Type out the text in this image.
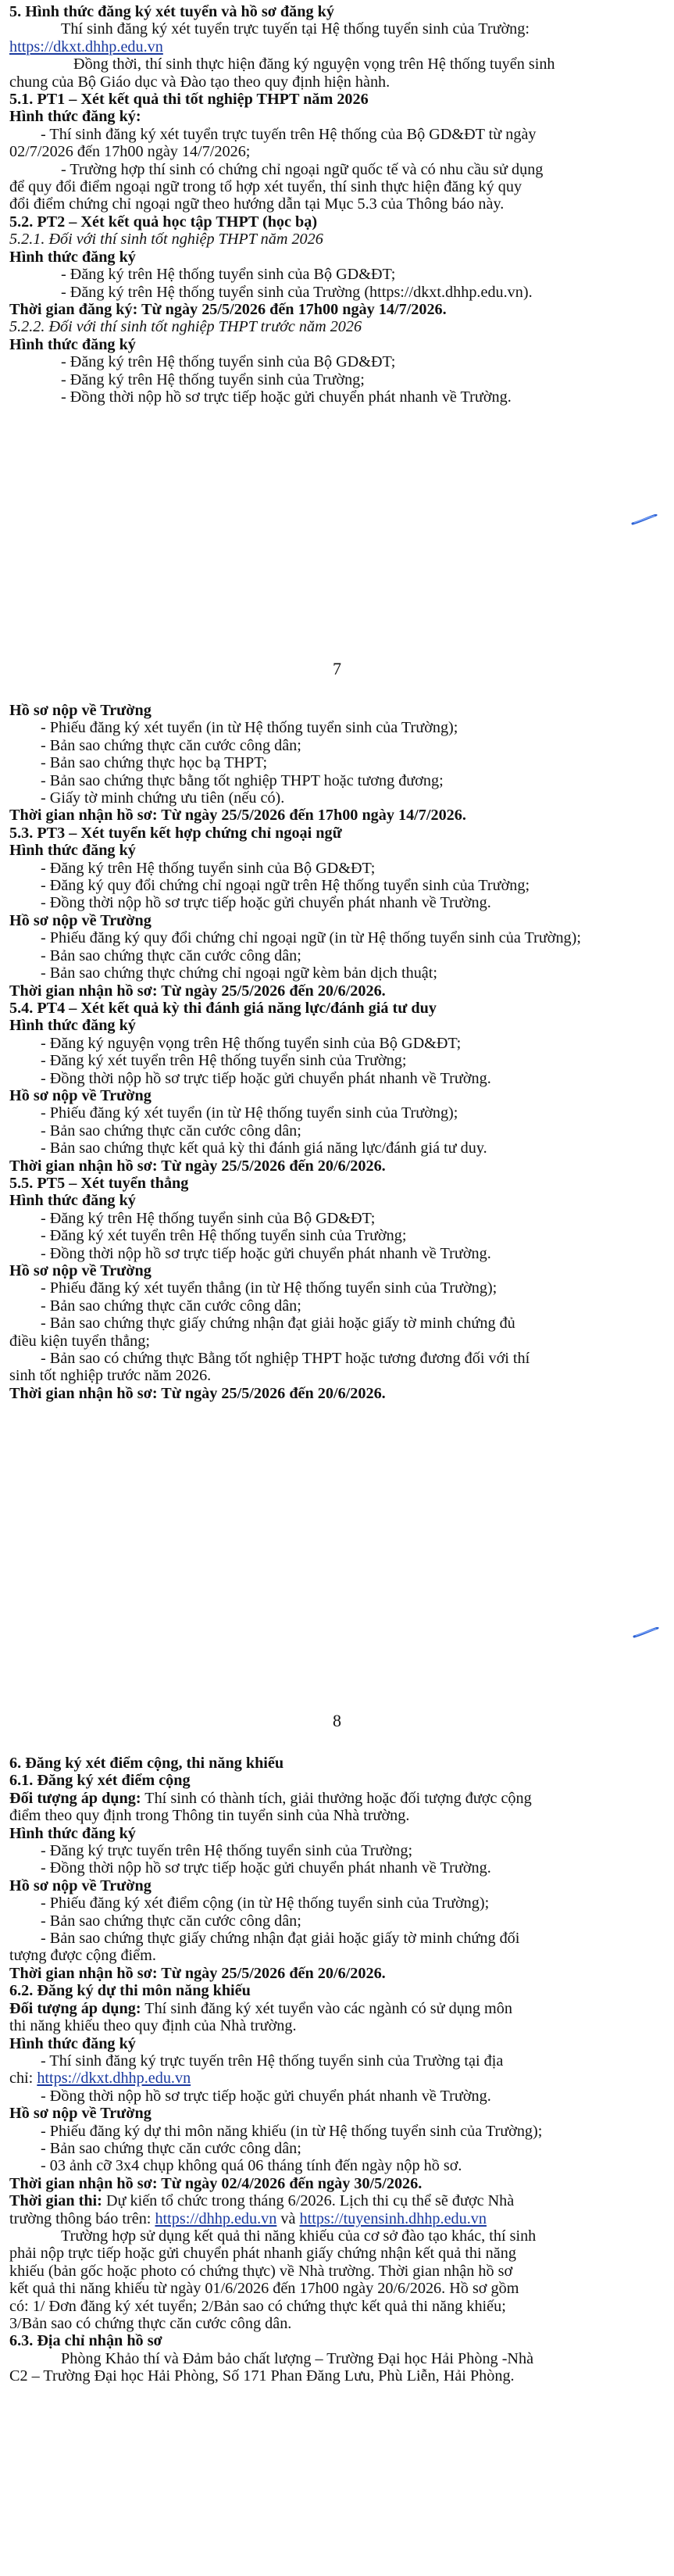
5. Hình thức đăng ký xét tuyển và hồ sơ đăng ký
Thí sinh đăng ký xét tuyển trực tuyến tại Hệ thống tuyển sinh của Trường:
https://dkxt.dhhp.edu.vn
Đồng thời, thí sinh thực hiện đăng ký nguyện vọng trên Hệ thống tuyển sinh
chung của Bộ Giáo dục và Đào tạo theo quy định hiện hành.
5.1. PT1 – Xét kết quả thi tốt nghiệp THPT năm 2026
Hình thức đăng ký:
- Thí sinh đăng ký xét tuyển trực tuyến trên Hệ thống của Bộ GD&ĐT từ ngày
02/7/2026 đến 17h00 ngày 14/7/2026;
- Trường hợp thí sinh có chứng chỉ ngoại ngữ quốc tế và có nhu cầu sử dụng
để quy đổi điểm ngoại ngữ trong tổ hợp xét tuyển, thí sinh thực hiện đăng ký quy
đổi điểm chứng chỉ ngoại ngữ theo hướng dẫn tại Mục 5.3 của Thông báo này.
5.2. PT2 – Xét kết quả học tập THPT (học bạ)
5.2.1. Đối với thí sinh tốt nghiệp THPT năm 2026
Hình thức đăng ký
- Đăng ký trên Hệ thống tuyển sinh của Bộ GD&ĐT;
- Đăng ký trên Hệ thống tuyển sinh của Trường (https://dkxt.dhhp.edu.vn).
Thời gian đăng ký: Từ ngày 25/5/2026 đến 17h00 ngày 14/7/2026.
5.2.2. Đối với thí sinh tốt nghiệp THPT trước năm 2026
Hình thức đăng ký
- Đăng ký trên Hệ thống tuyển sinh của Bộ GD&ĐT;
- Đăng ký trên Hệ thống tuyển sinh của Trường;
- Đồng thời nộp hồ sơ trực tiếp hoặc gửi chuyển phát nhanh về Trường.
7
Hồ sơ nộp về Trường
- Phiếu đăng ký xét tuyển (in từ Hệ thống tuyển sinh của Trường);
- Bản sao chứng thực căn cước công dân;
- Bản sao chứng thực học bạ THPT;
- Bản sao chứng thực bằng tốt nghiệp THPT hoặc tương đương;
- Giấy tờ minh chứng ưu tiên (nếu có).
Thời gian nhận hồ sơ: Từ ngày 25/5/2026 đến 17h00 ngày 14/7/2026.
5.3. PT3 – Xét tuyển kết hợp chứng chỉ ngoại ngữ
Hình thức đăng ký
- Đăng ký trên Hệ thống tuyển sinh của Bộ GD&ĐT;
- Đăng ký quy đổi chứng chỉ ngoại ngữ trên Hệ thống tuyển sinh của Trường;
- Đồng thời nộp hồ sơ trực tiếp hoặc gửi chuyển phát nhanh về Trường.
Hồ sơ nộp về Trường
- Phiếu đăng ký quy đổi chứng chỉ ngoại ngữ (in từ Hệ thống tuyển sinh của Trường);
- Bản sao chứng thực căn cước công dân;
- Bản sao chứng thực chứng chỉ ngoại ngữ kèm bản dịch thuật;
Thời gian nhận hồ sơ: Từ ngày 25/5/2026 đến 20/6/2026.
5.4. PT4 – Xét kết quả kỳ thi đánh giá năng lực/đánh giá tư duy
Hình thức đăng ký
- Đăng ký nguyện vọng trên Hệ thống tuyển sinh của Bộ GD&ĐT;
- Đăng ký xét tuyển trên Hệ thống tuyển sinh của Trường;
- Đồng thời nộp hồ sơ trực tiếp hoặc gửi chuyển phát nhanh về Trường.
Hồ sơ nộp về Trường
- Phiếu đăng ký xét tuyển (in từ Hệ thống tuyển sinh của Trường);
- Bản sao chứng thực căn cước công dân;
- Bản sao chứng thực kết quả kỳ thi đánh giá năng lực/đánh giá tư duy.
Thời gian nhận hồ sơ: Từ ngày 25/5/2026 đến 20/6/2026.
5.5. PT5 – Xét tuyển thẳng
Hình thức đăng ký
- Đăng ký trên Hệ thống tuyển sinh của Bộ GD&ĐT;
- Đăng ký xét tuyển trên Hệ thống tuyển sinh của Trường;
- Đồng thời nộp hồ sơ trực tiếp hoặc gửi chuyển phát nhanh về Trường.
Hồ sơ nộp về Trường
- Phiếu đăng ký xét tuyển thẳng (in từ Hệ thống tuyển sinh của Trường);
- Bản sao chứng thực căn cước công dân;
- Bản sao chứng thực giấy chứng nhận đạt giải hoặc giấy tờ minh chứng đủ
điều kiện tuyển thẳng;
- Bản sao có chứng thực Bằng tốt nghiệp THPT hoặc tương đương đối với thí
sinh tốt nghiệp trước năm 2026.
Thời gian nhận hồ sơ: Từ ngày 25/5/2026 đến 20/6/2026.
8
6. Đăng ký xét điểm cộng, thi năng khiếu
6.1. Đăng ký xét điểm cộng
Đối tượng áp dụng: Thí sinh có thành tích, giải thưởng hoặc đối tượng được cộng
điểm theo quy định trong Thông tin tuyển sinh của Nhà trường.
Hình thức đăng ký
- Đăng ký trực tuyến trên Hệ thống tuyển sinh của Trường;
- Đồng thời nộp hồ sơ trực tiếp hoặc gửi chuyển phát nhanh về Trường.
Hồ sơ nộp về Trường
- Phiếu đăng ký xét điểm cộng (in từ Hệ thống tuyển sinh của Trường);
- Bản sao chứng thực căn cước công dân;
- Bản sao chứng thực giấy chứng nhận đạt giải hoặc giấy tờ minh chứng đối
tượng được cộng điểm.
Thời gian nhận hồ sơ: Từ ngày 25/5/2026 đến 20/6/2026.
6.2. Đăng ký dự thi môn năng khiếu
Đối tượng áp dụng: Thí sinh đăng ký xét tuyển vào các ngành có sử dụng môn
thi năng khiếu theo quy định của Nhà trường.
Hình thức đăng ký
- Thí sinh đăng ký trực tuyến trên Hệ thống tuyển sinh của Trường tại địa
chỉ: https://dkxt.dhhp.edu.vn
- Đồng thời nộp hồ sơ trực tiếp hoặc gửi chuyển phát nhanh về Trường.
Hồ sơ nộp về Trường
- Phiếu đăng ký dự thi môn năng khiếu (in từ Hệ thống tuyển sinh của Trường);
- Bản sao chứng thực căn cước công dân;
- 03 ảnh cỡ 3x4 chụp không quá 06 tháng tính đến ngày nộp hồ sơ.
Thời gian nhận hồ sơ: Từ ngày 02/4/2026 đến ngày 30/5/2026.
Thời gian thi: Dự kiến tổ chức trong tháng 6/2026. Lịch thi cụ thể sẽ được Nhà
trường thông báo trên: https://dhhp.edu.vn và https://tuyensinh.dhhp.edu.vn
Trường hợp sử dụng kết quả thi năng khiếu của cơ sở đào tạo khác, thí sinh
phải nộp trực tiếp hoặc gửi chuyển phát nhanh giấy chứng nhận kết quả thi năng
khiếu (bản gốc hoặc photo có chứng thực) về Nhà trường. Thời gian nhận hồ sơ
kết quả thi năng khiếu từ ngày 01/6/2026 đến 17h00 ngày 20/6/2026. Hồ sơ gồm
có: 1/ Đơn đăng ký xét tuyển; 2/Bản sao có chứng thực kết quả thi năng khiếu;
3/Bản sao có chứng thực căn cước công dân.
6.3. Địa chỉ nhận hồ sơ
Phòng Khảo thí và Đảm bảo chất lượng – Trường Đại học Hải Phòng -Nhà
C2 – Trường Đại học Hải Phòng, Số 171 Phan Đăng Lưu, Phù Liễn, Hải Phòng.
